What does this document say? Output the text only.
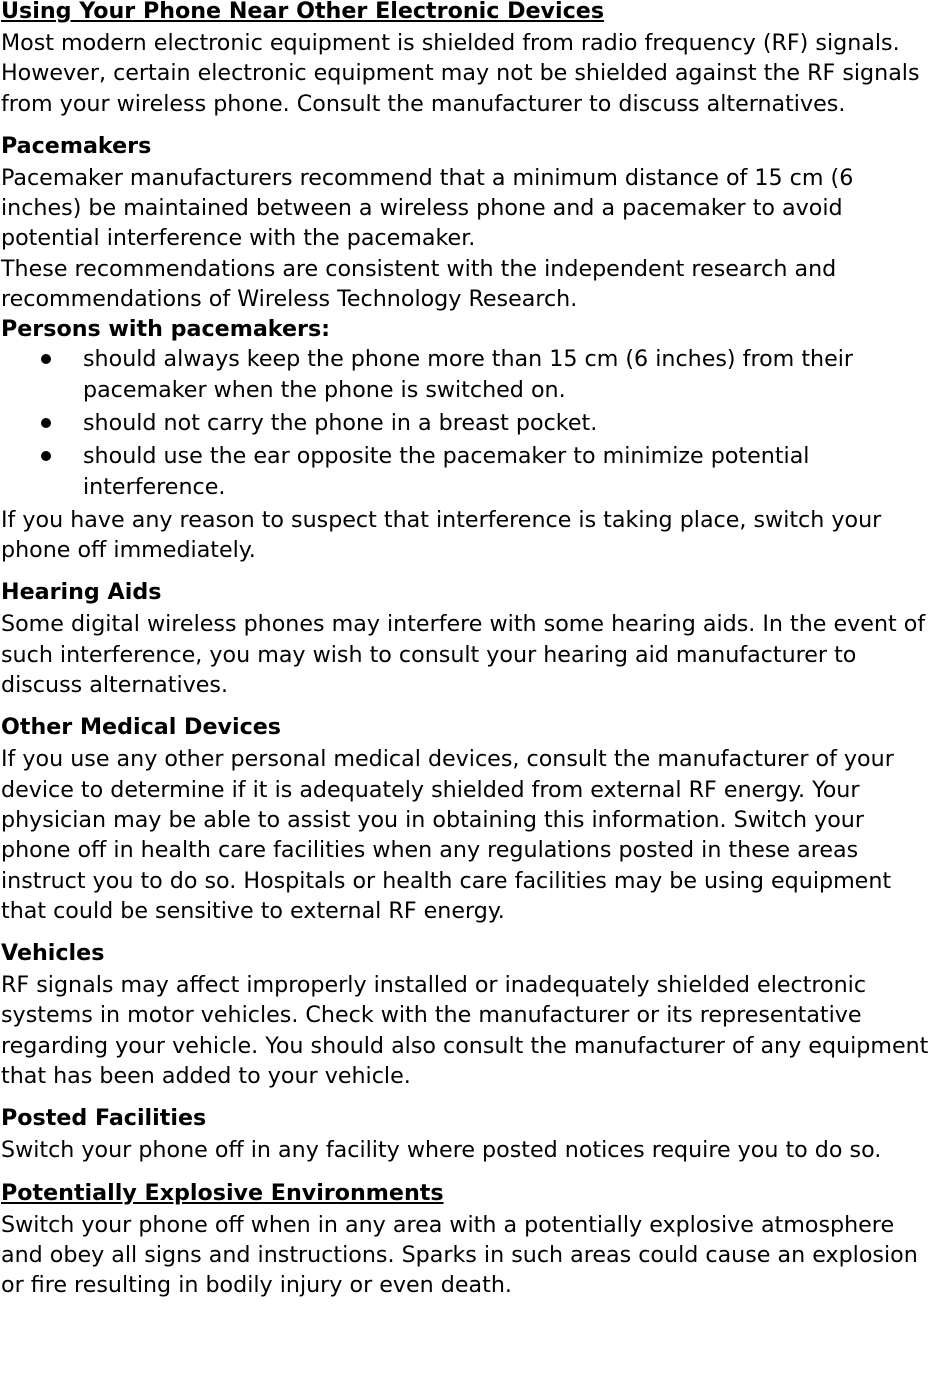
Using Your Phone Near Other Electronic Devices

Most modern electronic equipment is shielded from radio frequency (RF) signals. However, certain electronic equipment may not be shielded against the RF signals from your wireless phone. Consult the manufacturer to discuss alternatives.

Pacemakers

Pacemaker manufacturers recommend that a minimum distance of 15 cm (6 inches) be maintained between a wireless phone and a pacemaker to avoid potential interference with the pacemaker.

These recommendations are consistent with the independent research and recommendations of Wireless Technology Research.

Persons with pacemakers:
should always keep the phone more than 15 cm (6 inches) from their pacemaker when the phone is switched on.
should not carry the phone in a breast pocket.
should use the ear opposite the pacemaker to minimize potential interference.

If you have any reason to suspect that interference is taking place, switch your phone off immediately.

Hearing Aids

Some digital wireless phones may interfere with some hearing aids. In the event of such interference, you may wish to consult your hearing aid manufacturer to discuss alternatives.

Other Medical Devices

If you use any other personal medical devices, consult the manufacturer of your device to determine if it is adequately shielded from external RF energy. Your physician may be able to assist you in obtaining this information. Switch your phone off in health care facilities when any regulations posted in these areas instruct you to do so. Hospitals or health care facilities may be using equipment that could be sensitive to external RF energy.

Vehicles

RF signals may affect improperly installed or inadequately shielded electronic systems in motor vehicles. Check with the manufacturer or its representative regarding your vehicle. You should also consult the manufacturer of any equipment that has been added to your vehicle.

Posted Facilities

Switch your phone off in any facility where posted notices require you to do so.

Potentially Explosive Environments

Switch your phone off when in any area with a potentially explosive atmosphere and obey all signs and instructions. Sparks in such areas could cause an explosion or fire resulting in bodily injury or even death.
